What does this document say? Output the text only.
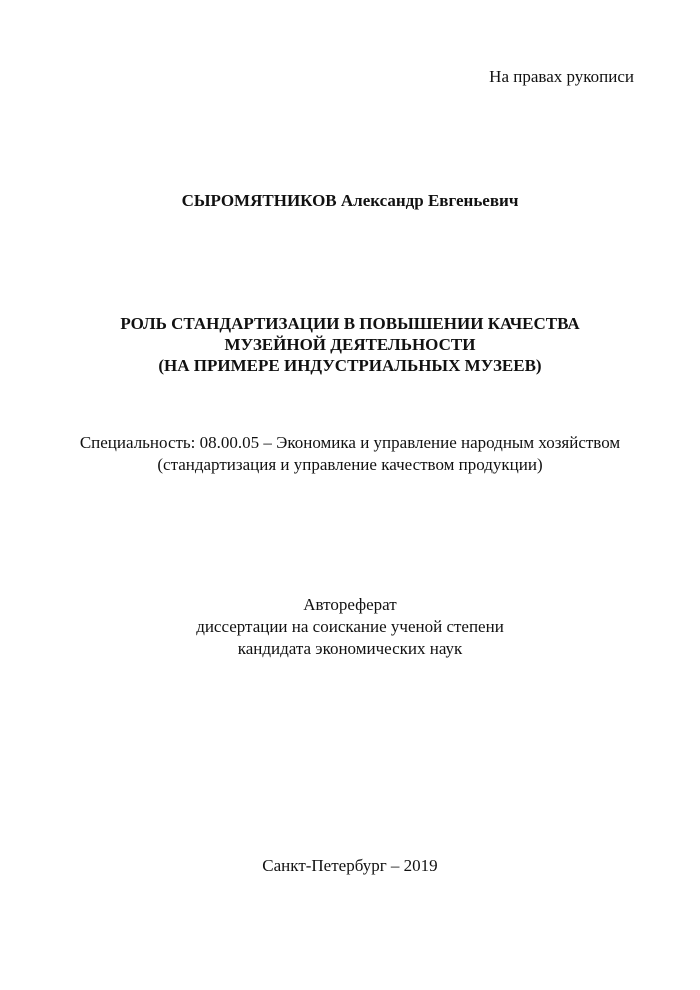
На правах рукописи
СЫРОМЯТНИКОВ Александр Евгеньевич
РОЛЬ СТАНДАРТИЗАЦИИ В ПОВЫШЕНИИ КАЧЕСТВА
МУЗЕЙНОЙ ДЕЯТЕЛЬНОСТИ
(НА ПРИМЕРЕ ИНДУСТРИАЛЬНЫХ МУЗЕЕВ)
Специальность: 08.00.05 – Экономика и управление народным хозяйством
(стандартизация и управление качеством продукции)
Автореферат
диссертации на соискание ученой степени
кандидата экономических наук
Санкт-Петербург – 2019
